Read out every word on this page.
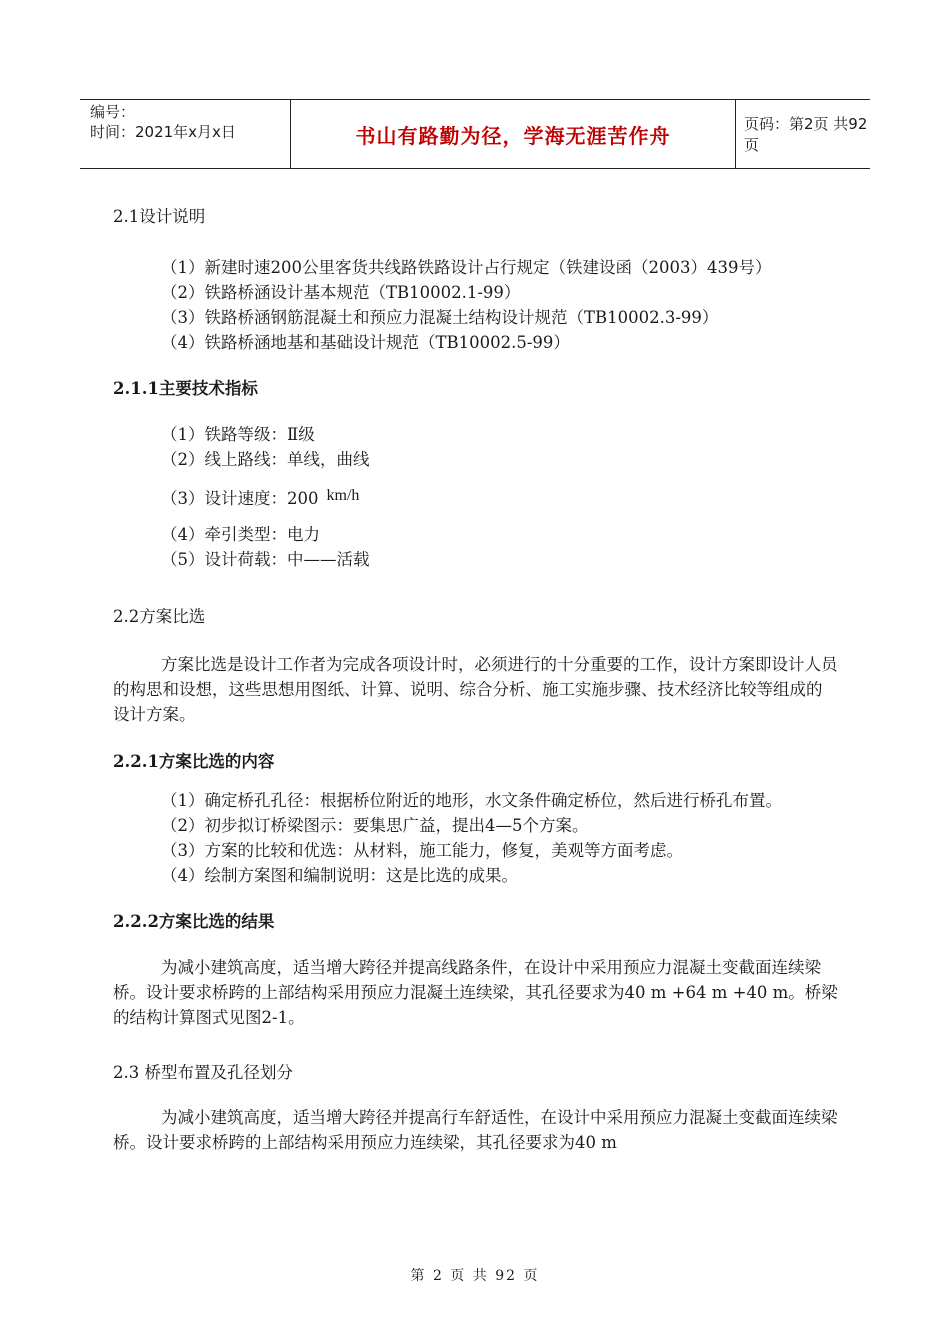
编号：
时间：2021年x月x日	书山有路勤为径，学海无涯苦作舟	页码：第2页 共92页

2.1设计说明

（1）新建时速200公里客货共线路铁路设计占行规定（铁建设函（2003）439号）

（2）铁路桥涵设计基本规范（TB10002.1-99）

（3）铁路桥涵钢筋混凝土和预应力混凝土结构设计规范（TB10002.3-99）

（4）铁路桥涵地基和基础设计规范（TB10002.5-99）

2.1.1主要技术指标

（1）铁路等级：Ⅱ级

（2）线上路线：单线，曲线

（3）设计速度：200 km/h

（4）牵引类型：电力

（5）设计荷载：中——活载

2.2方案比选

方案比选是设计工作者为完成各项设计时，必须进行的十分重要的工作，设计方案即设计人员的构思和设想，这些思想用图纸、计算、说明、综合分析、施工实施步骤、技术经济比较等组成的设计方案。

2.2.1方案比选的内容

（1）确定桥孔孔径：根据桥位附近的地形，水文条件确定桥位，然后进行桥孔布置。

（2）初步拟订桥梁图示：要集思广益，提出4—5个方案。

（3）方案的比较和优选：从材料，施工能力，修复，美观等方面考虑。

（4）绘制方案图和编制说明：这是比选的成果。

2.2.2方案比选的结果

为减小建筑高度，适当增大跨径并提高线路条件，在设计中采用预应力混凝土变截面连续梁桥。设计要求桥跨的上部结构采用预应力混凝土连续梁，其孔径要求为40 m +64 m +40 m。桥梁的结构计算图式见图2-1。

2.3 桥型布置及孔径划分

为减小建筑高度，适当增大跨径并提高行车舒适性，在设计中采用预应力混凝土变截面连续梁桥。设计要求桥跨的上部结构采用预应力连续梁，其孔径要求为40 m

第 2 页 共 92 页
